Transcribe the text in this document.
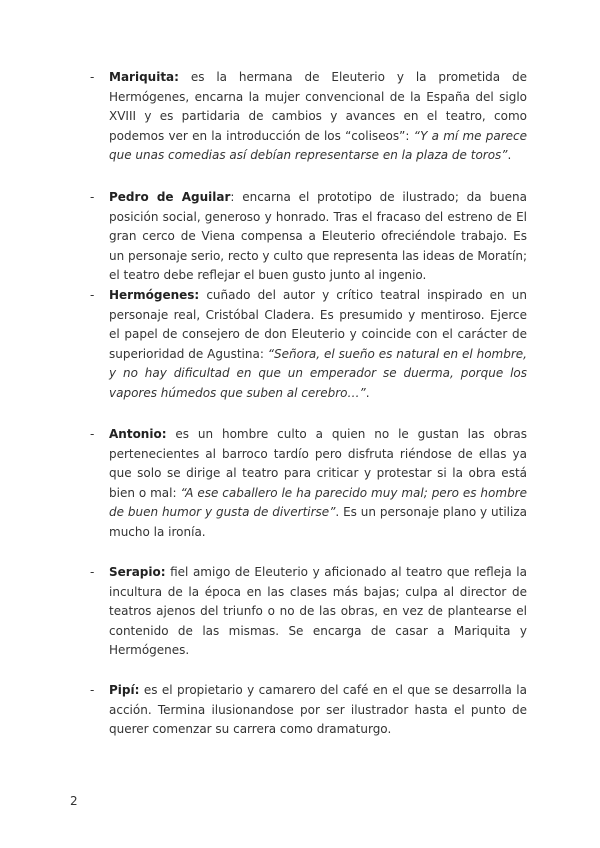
-	Mariquita: es la hermana de Eleuterio y la prometida de Hermógenes, encarna la mujer convencional de la España del siglo XVIII y es partidaria de cambios y avances en el teatro, como podemos ver en la introducción de los “coliseos”: “Y a mí me parece que unas comedias así debían representarse en la plaza de toros”.

-	Pedro de Aguilar: encarna el prototipo de ilustrado; da buena posición social, generoso y honrado. Tras el fracaso del estreno de El gran cerco de Viena compensa a Eleuterio ofreciéndole trabajo. Es un personaje serio, recto y culto que representa las ideas de Moratín; el teatro debe reflejar el buen gusto junto al ingenio.

-	Hermógenes: cuñado del autor y crítico teatral inspirado en un personaje real, Cristóbal Cladera. Es presumido y mentiroso. Ejerce el papel de consejero de don Eleuterio y coincide con el carácter de superioridad de Agustina: “Señora, el sueño es natural en el hombre, y no hay dificultad en que un emperador se duerma, porque los vapores húmedos que suben al cerebro…”.

-	Antonio: es un hombre culto a quien no le gustan las obras pertenecientes al barroco tardío pero disfruta riéndose de ellas ya que solo se dirige al teatro para criticar y protestar si la obra está bien o mal: “A ese caballero le ha parecido muy mal; pero es hombre de buen humor y gusta de divertirse”. Es un personaje plano y utiliza mucho la ironía.

-	Serapio: fiel amigo de Eleuterio y aficionado al teatro que refleja la incultura de la época en las clases más bajas; culpa al director de teatros ajenos del triunfo o no de las obras, en vez de plantearse el contenido de las mismas. Se encarga de casar a Mariquita y Hermógenes.

-	Pipí: es el propietario y camarero del café en el que se desarrolla la acción. Termina ilusionandose por ser ilustrador hasta el punto de querer comenzar su carrera como dramaturgo.

2
